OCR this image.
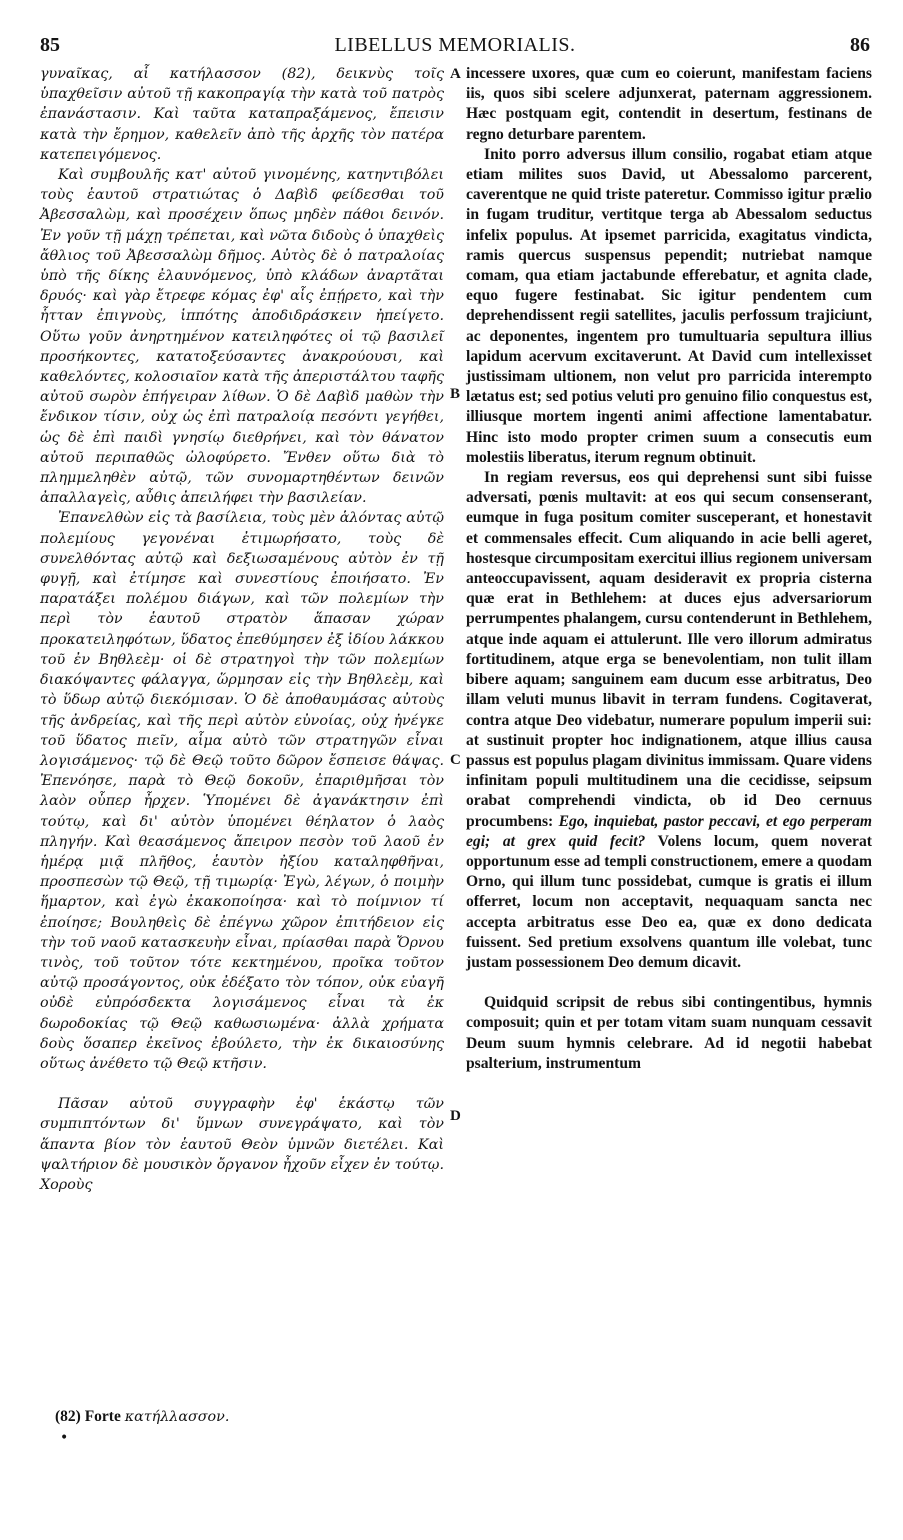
85	LIBELLUS MEMORIALIS.	86

γυναῖκας, αἷ κατήλασσον (82), δεικνὺς τοῖς ὑπαχθεῖσιν αὐτοῦ τῇ κακοπραγίᾳ τὴν κατὰ τοῦ πατρὸς ἐπανάστασιν. Καὶ ταῦτα καταπραξάμενος, ἔπεισιν κατὰ τὴν ἔρημον, καθελεῖν ἀπὸ τῆς ἀρχῆς τὸν πατέρα κατεπειγόμενος.

Καὶ συμβουλῆς κατ' αὐτοῦ γινομένης, κατηντιβόλει τοὺς ἑαυτοῦ στρατιώτας ὁ Δαβὶδ φείδεσθαι τοῦ Ἀβεσσαλὼμ, καὶ προσέχειν ὅπως μηδὲν πάθοι δεινόν. Ἐν γοῦν τῇ μάχῃ τρέπεται, καὶ νῶτα διδοὺς ὁ ὑπαχθεὶς ἄθλιος τοῦ Ἀβεσσαλὼμ δῆμος. Αὐτὸς δὲ ὁ πατραλοίας ὑπὸ τῆς δίκης ἐλαυνόμενος, ὑπὸ κλάδων ἀναρτᾶται δρυός· καὶ γὰρ ἔτρεφε κόμας ἐφ' αἷς ἐπῄρετο, καὶ τὴν ἧτταν ἐπιγνοὺς, ἱππότης ἀποδιδράσκειν ἠπείγετο. Οὕτω γοῦν ἀνηρτημένον κατειληφότες οἱ τῷ βασιλεῖ προσήκοντες, κατατοξεύσαντες ἀνακρούουσι, καὶ καθελόντες, κολοσιαῖον κατὰ τῆς ἀπεριστάλτου ταφῆς αὐτοῦ σωρὸν ἐπήγειραν λίθων. Ὁ δὲ Δαβὶδ μαθὼν τὴν ἔνδικον τίσιν, οὐχ ὡς ἐπὶ πατραλοίᾳ πεσόντι γεγήθει, ὡς δὲ ἐπὶ παιδὶ γνησίῳ διεθρήνει, καὶ τὸν θάνατον αὐτοῦ περιπαθῶς ὠλοφύρετο. Ἔνθεν οὕτω διὰ τὸ πλημμεληθὲν αὐτῷ, τῶν συνομαρτηθέντων δεινῶν ἀπαλλαγεὶς, αὖθις ἀπειλήφει τὴν βασιλείαν.

Ἐπανελθὼν εἰς τὰ βασίλεια, τοὺς μὲν ἁλόντας αὐτῷ πολεμίους γεγονέναι ἐτιμωρήσατο, τοὺς δὲ συνελθόντας αὐτῷ καὶ δεξιωσαμένους αὐτὸν ἐν τῇ φυγῇ, καὶ ἐτίμησε καὶ συνεστίους ἐποιήσατο. Ἐν παρατάξει πολέμου διάγων, καὶ τῶν πολεμίων τὴν περὶ τὸν ἑαυτοῦ στρατὸν ἅπασαν χώραν προκατειληφότων, ὕδατος ἐπεθύμησεν ἐξ ἰδίου λάκκου τοῦ ἐν Βηθλεὲμ· οἱ δὲ στρατηγοὶ τὴν τῶν πολεμίων διακόψαντες φάλαγγα, ὥρμησαν εἰς τὴν Βηθλεὲμ, καὶ τὸ ὕδωρ αὐτῷ διεκόμισαν. Ὁ δὲ ἀποθαυμάσας αὐτοὺς τῆς ἀνδρείας, καὶ τῆς περὶ αὐτὸν εὐνοίας, οὐχ ἠνέγκε τοῦ ὕδατος πιεῖν, αἷμα αὐτὸ τῶν στρατηγῶν εἶναι λογισάμενος· τῷ δὲ Θεῷ τοῦτο δῶρον ἔσπεισε θάψας. Ἐπενόησε, παρὰ τὸ Θεῷ δοκοῦν, ἐπαριθμῆσαι τὸν λαὸν οὗπερ ἦρχεν. Ὑπομένει δὲ ἀγανάκτησιν ἐπὶ τούτῳ, καὶ δι' αὐτὸν ὑπομένει θέηλατον ὁ λαὸς πληγήν. Καὶ θεασάμενος ἄπειρον πεσὸν τοῦ λαοῦ ἐν ἡμέρᾳ μιᾷ πλῆθος, ἑαυτὸν ἠξίου καταληφθῆναι, προσπεσὼν τῷ Θεῷ, τῇ τιμωρίᾳ· Ἐγὼ, λέγων, ὁ ποιμὴν ἥμαρτον, καὶ ἐγὼ ἐκακοποίησα· καὶ τὸ ποίμνιον τί ἐποίησε; Βουληθεὶς δὲ ἐπέγνω χῶρον ἐπιτήδειον εἰς τὴν τοῦ ναοῦ κατασκευὴν εἶναι, πρίασθαι παρὰ Ὄρνου τινὸς, τοῦ τοῦτον τότε κεκτημένου, προῖκα τοῦτον αὐτῷ προσάγοντος, οὐκ ἐδέξατο τὸν τόπον, οὐκ εὐαγῆ οὐδὲ εὐπρόσδεκτα λογισάμενος εἶναι τὰ ἐκ δωροδοκίας τῷ Θεῷ καθωσιωμένα· ἀλλὰ χρήματα δοὺς ὅσαπερ ἐκεῖνος ἐβούλετο, τὴν ἐκ δικαιοσύνης οὕτως ἀνέθετο τῷ Θεῷ κτῆσιν.

Πᾶσαν αὐτοῦ συγγραφὴν ἐφ' ἑκάστῳ τῶν συμπιπτόντων δι' ὕμνων συνεγράψατο, καὶ τὸν ἅπαντα βίον τὸν ἑαυτοῦ Θεὸν ὑμνῶν διετέλει. Καὶ ψαλτήριον δὲ μουσικὸν ὄργανον ἦχοῦν εἶχεν ἐν τούτῳ. Χοροὺς

incessere uxores, quæ cum eo coierunt, manifestam faciens iis, quos sibi scelere adjunxerat, paternam aggressionem. Hæc postquam egit, contendit in desertum, festinans de regno deturbare parentem.

Inito porro adversus illum consilio, rogabat etiam atque etiam milites suos David, ut Abessalomo parcerent, caverentque ne quid triste pateretur. Commisso igitur prælio in fugam truditur, vertitque terga ab Abessalom seductus infelix populus. At ipsemet parricida, exagitatus vindicta, ramis quercus suspensus pependit; nutriebat namque comam, qua etiam jactabunde efferebatur, et agnita clade, equo fugere festinabat. Sic igitur pendentem cum deprehendissent regii satellites, jaculis perfossum trajiciunt, ac deponentes, ingentem pro tumultuaria sepultura illius lapidum acervum excitaverunt. At David cum intellexisset justissimam ultionem, non velut pro parricida interempto lætatus est; sed potius veluti pro genuino filio conquestus est, illiusque mortem ingenti animi affectione lamentabatur. Hinc isto modo propter crimen suum a consecutis eum molestiis liberatus, iterum regnum obtinuit.

In regiam reversus, eos qui deprehensi sunt sibi fuisse adversati, pœnis multavit: at eos qui secum consenserant, eumque in fuga positum comiter susceperant, et honestavit et commensales effecit. Cum aliquando in acie belli ageret, hostesque circumpositam exercitui illius regionem universam anteoccupavissent, aquam desideravit ex propria cisterna quæ erat in Bethlehem: at duces ejus adversariorum perrumpentes phalangem, cursu contenderunt in Bethlehem, atque inde aquam ei attulerunt. Ille vero illorum admiratus fortitudinem, atque erga se benevolentiam, non tulit illam bibere aquam; sanguinem eam ducum esse arbitratus, Deo illam veluti munus libavit in terram fundens. Cogitaverat, contra atque Deo videbatur, numerare populum imperii sui: at sustinuit propter hoc indignationem, atque illius causa passus est populus plagam divinitus immissam. Quare videns infinitam populi multitudinem una die cecidisse, seipsum orabat comprehendi vindicta, ob id Deo cernuus procumbens: Ego, inquiebat, pastor peccavi, et ego perperam egi; at grex quid fecit? Volens locum, quem noverat opportunum esse ad templi constructionem, emere a quodam Orno, qui illum tunc possidebat, cumque is gratis ei illum offerret, locum non acceptavit, nequaquam sancta nec accepta arbitratus esse Deo ea, quæ ex dono dedicata fuissent. Sed pretium exsolvens quantum ille volebat, tunc justam possessionem Deo demum dicavit.

Quidquid scripsit de rebus sibi contingentibus, hymnis composuit; quin et per totam vitam suam nunquam cessavit Deum suum hymnis celebrare. Ad id negotii habebat psalterium, instrumentum

A
B
C
D
(82) Forte κατήλλασσον.
•
